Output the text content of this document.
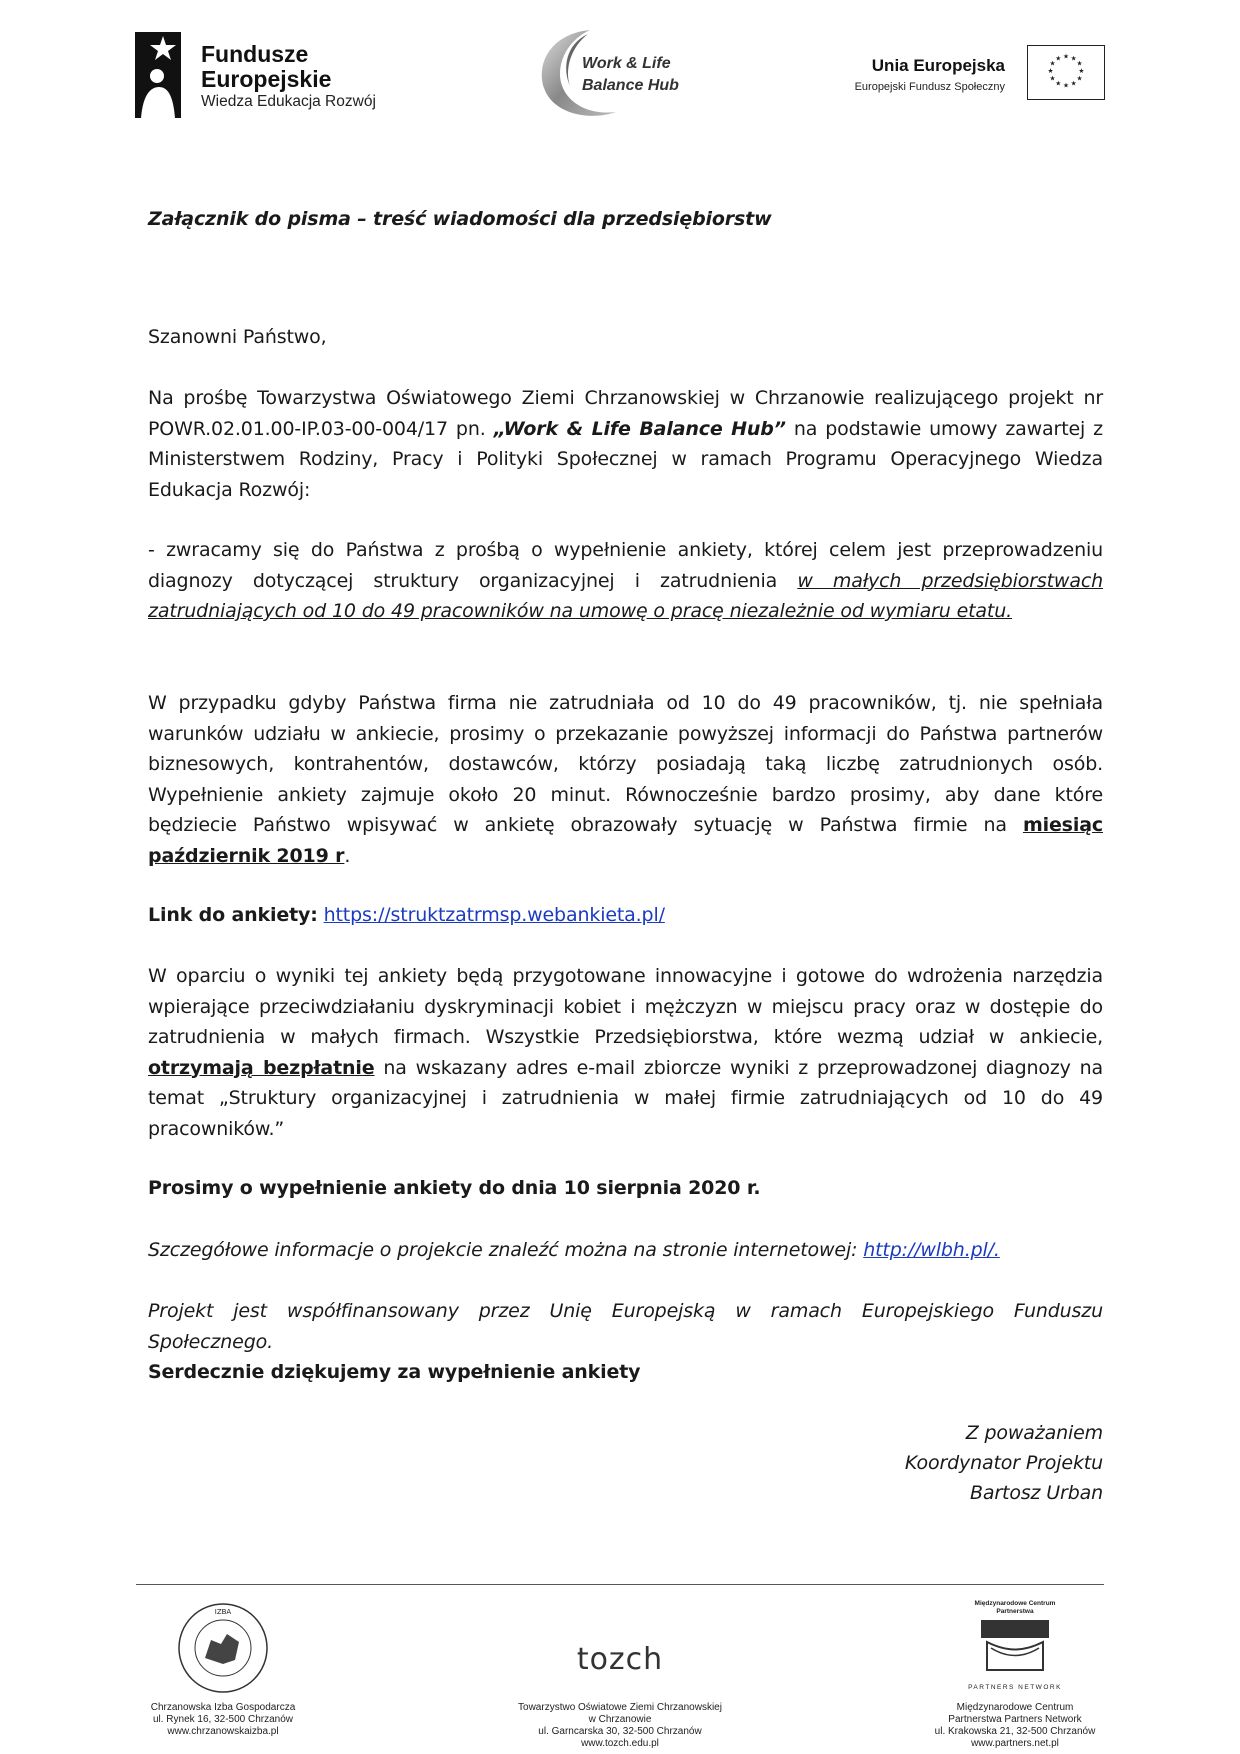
Fundusze
Europejskie
Wiedza Edukacja Rozwój
Work & Life
Balance Hub
Unia Europejska
Europejski Fundusz Społeczny
★ ★
★
★
★
★
★
★
★
★
★
★
Załącznik do pisma – treść wiadomości dla przedsiębiorstw
Szanowni Państwo,
Na prośbę Towarzystwa Oświatowego Ziemi Chrzanowskiej w Chrzanowie realizującego projekt nr POWR.02.01.00-IP.03-00-004/17 pn. „Work & Life Balance Hub” na podstawie umowy zawartej z Ministerstwem Rodziny, Pracy i Polityki Społecznej w ramach Programu Operacyjnego Wiedza Edukacja Rozwój:
- zwracamy się do Państwa z prośbą o wypełnienie ankiety, której celem jest przeprowadzeniu diagnozy dotyczącej struktury organizacyjnej i zatrudnienia w małych przedsiębiorstwach zatrudniających od 10 do 49 pracowników na umowę o pracę niezależnie od wymiaru etatu.
W przypadku gdyby Państwa firma nie zatrudniała od 10 do 49 pracowników, tj. nie spełniała warunków udziału w ankiecie, prosimy o przekazanie powyższej informacji do Państwa partnerów biznesowych, kontrahentów, dostawców, którzy posiadają taką liczbę zatrudnionych osób. Wypełnienie ankiety zajmuje około 20 minut. Równocześnie bardzo prosimy, aby dane które będziecie Państwo wpisywać w ankietę obrazowały sytuację w Państwa firmie na miesiąc październik 2019 r.
Link do ankiety: https://struktzatrmsp.webankieta.pl/
W oparciu o wyniki tej ankiety będą przygotowane innowacyjne i gotowe do wdrożenia narzędzia wpierające przeciwdziałaniu dyskryminacji kobiet i mężczyzn w miejscu pracy oraz w dostępie do zatrudnienia w małych firmach. Wszystkie Przedsiębiorstwa, które wezmą udział w ankiecie, otrzymają bezpłatnie na wskazany adres e-mail zbiorcze wyniki z przeprowadzonej diagnozy na temat „Struktury organizacyjnej i zatrudnienia w małej firmie zatrudniających od 10 do 49 pracowników.”
Prosimy o wypełnienie ankiety do dnia 10 sierpnia 2020 r.
Szczegółowe informacje o projekcie znaleźć można na stronie internetowej: http://wlbh.pl/.
Projekt jest współfinansowany przez Unię Europejską w ramach Europejskiego Funduszu Społecznego.
Serdecznie dziękujemy za wypełnienie ankiety
Z poważaniem
Koordynator Projektu
Bartosz Urban
IZBA
Chrzanowska Izba Gospodarcza
ul. Rynek 16, 32-500 Chrzanów
www.chrzanowskaizba.pl
tozch
Towarzystwo Oświatowe Ziemi Chrzanowskiej
w Chrzanowie
ul. Garncarska 30, 32-500 Chrzanów
www.tozch.edu.pl
Międzynarodowe Centrum Partnerstwa
PARTNERS NETWORK
Międzynarodowe Centrum
Partnerstwa Partners Network
ul. Krakowska 21, 32-500 Chrzanów
www.partners.net.pl
